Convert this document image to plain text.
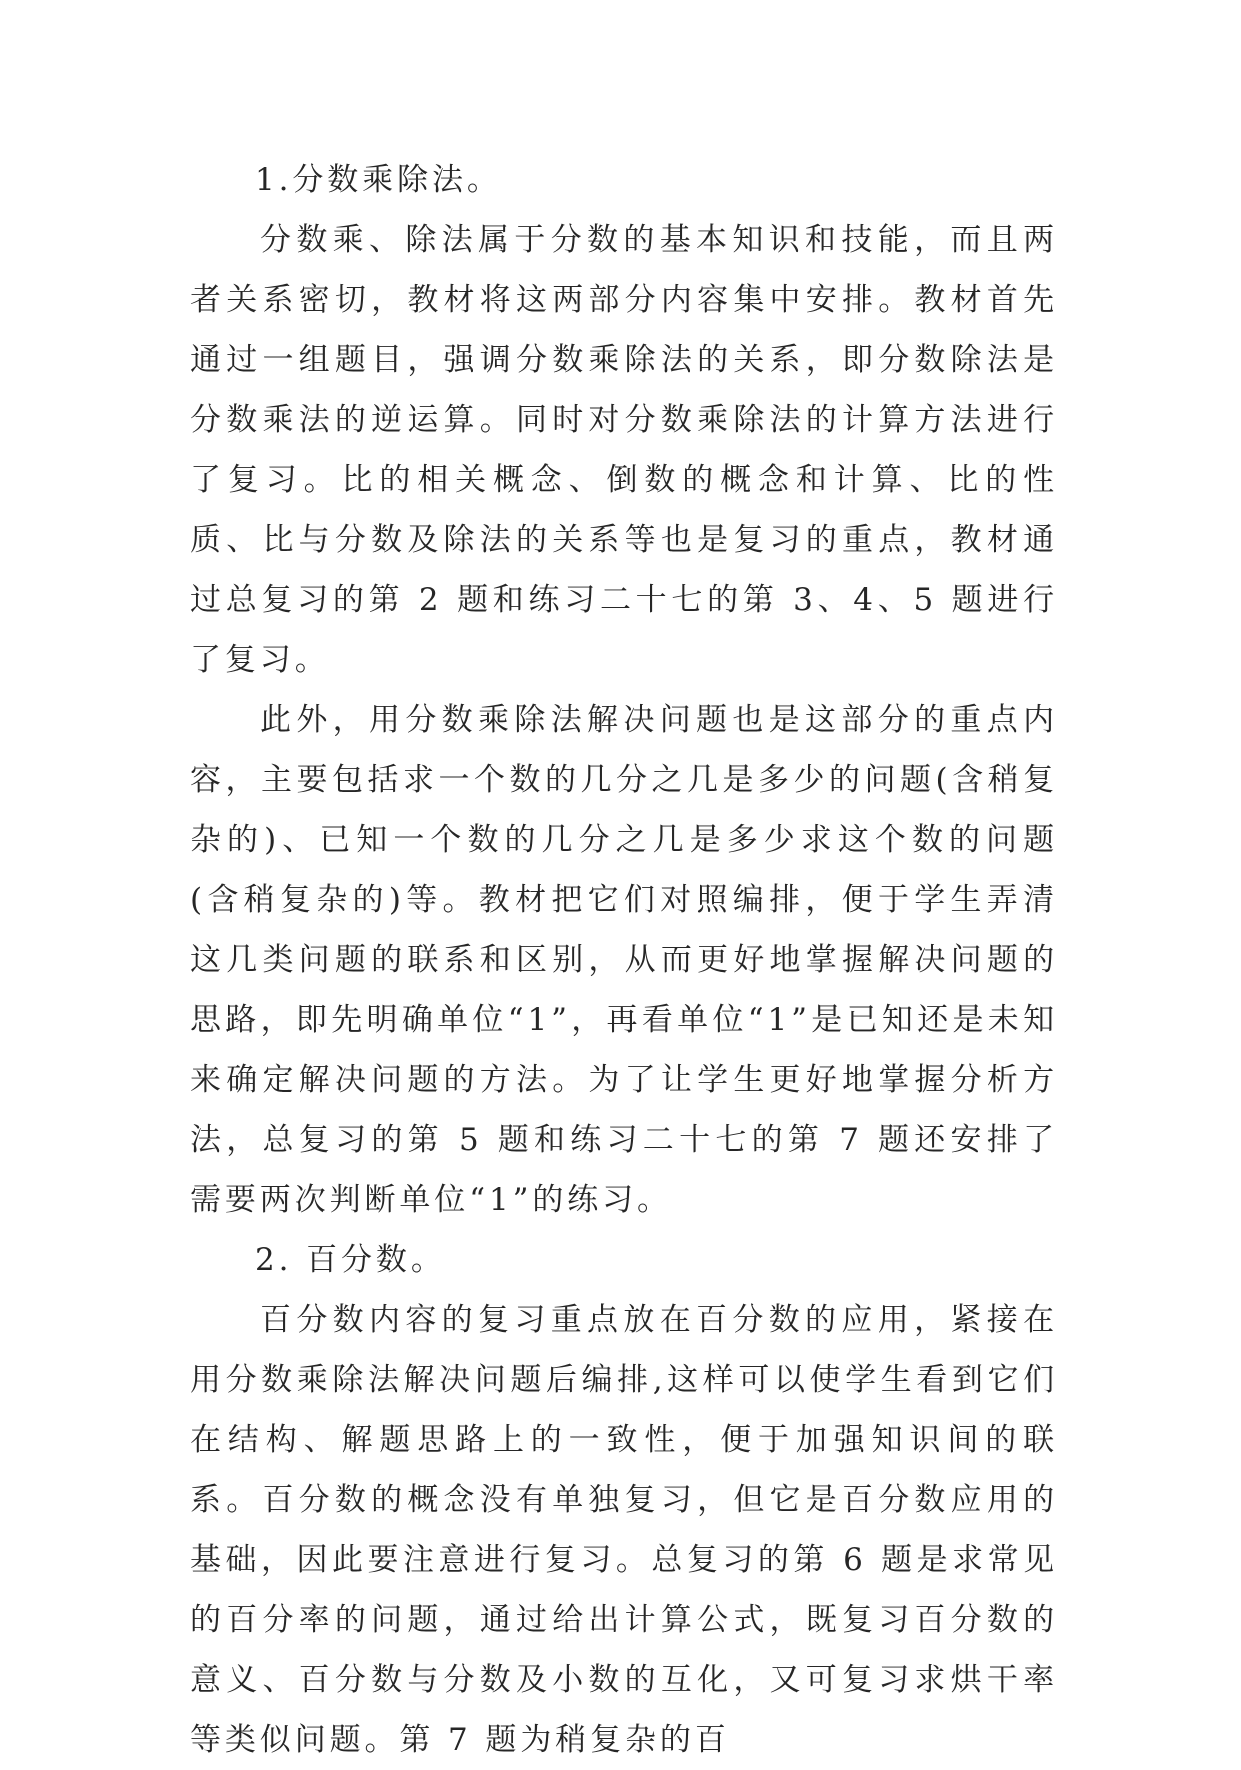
1.分数乘除法。

分数乘、除法属于分数的基本知识和技能，而且两者关系密切，教材将这两部分内容集中安排。教材首先通过一组题目，强调分数乘除法的关系，即分数除法是分数乘法的逆运算。同时对分数乘除法的计算方法进行了复习。比的相关概念、倒数的概念和计算、比的性质、比与分数及除法的关系等也是复习的重点，教材通过总复习的第 2 题和练习二十七的第 3、4、5 题进行了复习。

此外，用分数乘除法解决问题也是这部分的重点内容，主要包括求一个数的几分之几是多少的问题(含稍复杂的)、已知一个数的几分之几是多少求这个数的问题(含稍复杂的)等。教材把它们对照编排，便于学生弄清这几类问题的联系和区别，从而更好地掌握解决问题的思路，即先明确单位“1”，再看单位“1”是已知还是未知来确定解决问题的方法。为了让学生更好地掌握分析方法，总复习的第 5 题和练习二十七的第 7 题还安排了需要两次判断单位“1”的练习。

2. 百分数。

百分数内容的复习重点放在百分数的应用，紧接在用分数乘除法解决问题后编排,这样可以使学生看到它们在结构、解题思路上的一致性，便于加强知识间的联系。百分数的概念没有单独复习，但它是百分数应用的基础，因此要注意进行复习。总复习的第 6 题是求常见的百分率的问题，通过给出计算公式，既复习百分数的意义、百分数与分数及小数的互化，又可复习求烘干率等类似问题。第 7 题为稍复杂的百
